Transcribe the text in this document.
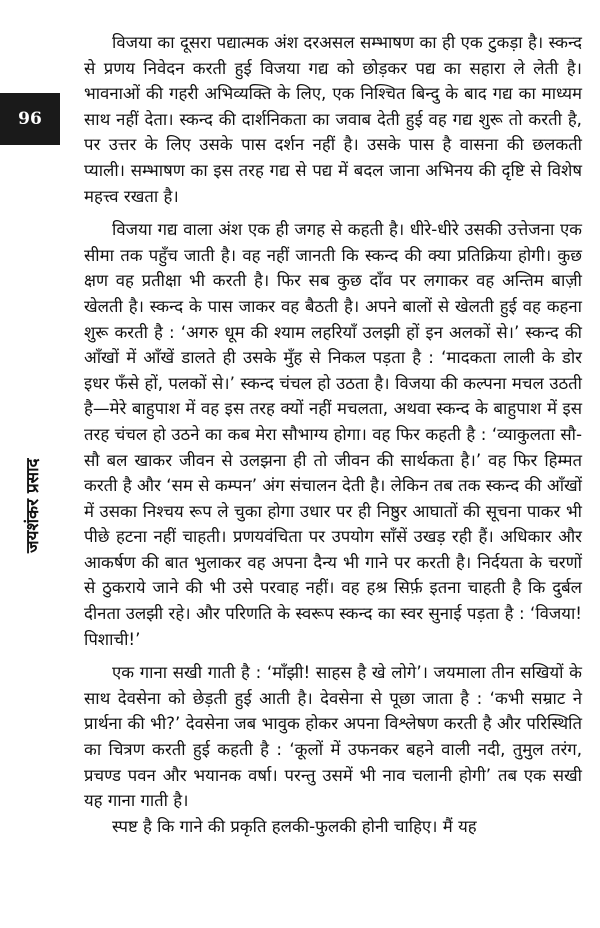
96
जयशंकर प्रसाद

विजया का दूसरा पद्यात्मक अंश दरअसल सम्भाषण का ही एक टुकड़ा है। स्कन्द से प्रणय निवेदन करती हुई विजया गद्य को छोड़कर पद्य का सहारा ले लेती है। भावनाओं की गहरी अभिव्यक्ति के लिए, एक निश्चित बिन्दु के बाद गद्य का माध्यम साथ नहीं देता। स्कन्द की दार्शनिकता का जवाब देती हुई वह गद्य शुरू तो करती है, पर उत्तर के लिए उसके पास दर्शन नहीं है। उसके पास है वासना की छलकती प्याली। सम्भाषण का इस तरह गद्य से पद्य में बदल जाना अभिनय की दृष्टि से विशेष महत्त्व रखता है।

विजया गद्य वाला अंश एक ही जगह से कहती है। धीरे-धीरे उसकी उत्तेजना एक सीमा तक पहुँच जाती है। वह नहीं जानती कि स्कन्द की क्या प्रतिक्रिया होगी। कुछ क्षण वह प्रतीक्षा भी करती है। फिर सब कुछ दाँव पर लगाकर वह अन्तिम बाज़ी खेलती है। स्कन्द के पास जाकर वह बैठती है। अपने बालों से खेलती हुई वह कहना शुरू करती है : ‘अगरु धूम की श्याम लहरियाँ उलझी हों इन अलकों से।’ स्कन्द की आँखों में आँखें डालते ही उसके मुँह से निकल पड़ता है : ‘मादकता लाली के डोर इधर फँसे हों, पलकों से।’ स्कन्द चंचल हो उठता है। विजया की कल्पना मचल उठती है—मेरे बाहुपाश में वह इस तरह क्यों नहीं मचलता, अथवा स्कन्द के बाहुपाश में इस तरह चंचल हो उठने का कब मेरा सौभाग्य होगा। वह फिर कहती है : ‘व्याकुलता सौ-सौ बल खाकर जीवन से उलझना ही तो जीवन की सार्थकता है।’ वह फिर हिम्मत करती है और ‘सम से कम्पन’ अंग संचालन देती है। लेकिन तब तक स्कन्द की आँखों में उसका निश्चय रूप ले चुका होगा उधार पर ही निष्ठुर आघातों की सूचना पाकर भी पीछे हटना नहीं चाहती। प्रणयवंचिता पर उपयोग साँसें उखड़ रही हैं। अधिकार और आकर्षण की बात भुलाकर वह अपना दैन्य भी गाने पर करती है। निर्दयता के चरणों से ठुकराये जाने की भी उसे परवाह नहीं। वह हश्र सिर्फ़ इतना चाहती है कि दुर्बल दीनता उलझी रहे। और परिणति के स्वरूप स्कन्द का स्वर सुनाई पड़ता है : ‘विजया! पिशाची!’

एक गाना सखी गाती है : ‘माँझी! साहस है खे लोगे’। जयमाला तीन सखियों के साथ देवसेना को छेड़ती हुई आती है। देवसेना से पूछा जाता है : ‘कभी सम्राट ने प्रार्थना की भी?’ देवसेना जब भावुक होकर अपना विश्लेषण करती है और परिस्थिति का चित्रण करती हुई कहती है : ‘कूलों में उफनकर बहने वाली नदी, तुमुल तरंग, प्रचण्ड पवन और भयानक वर्षा। परन्तु उसमें भी नाव चलानी होगी’ तब एक सखी यह गाना गाती है।

स्पष्ट है कि गाने की प्रकृति हलकी-फुलकी होनी चाहिए। मैं यह
